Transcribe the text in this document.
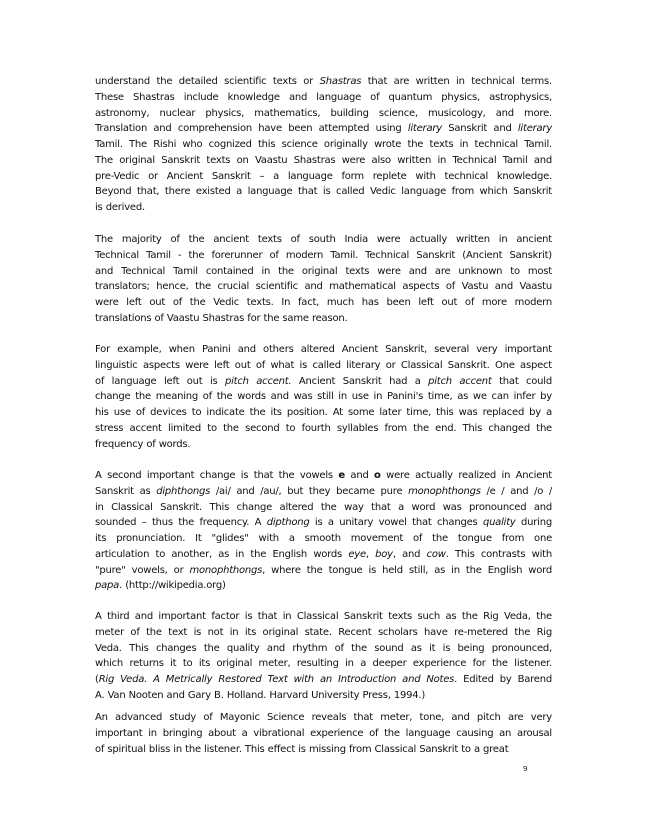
understand the detailed scientific texts or Shastras that are written in technical terms.
These Shastras include knowledge and language of quantum physics, astrophysics,
astronomy, nuclear physics, mathematics, building science, musicology, and more.
Translation and comprehension have been attempted using literary Sanskrit and literary
Tamil. The Rishi who cognized this science originally wrote the texts in technical Tamil.
The original Sanskrit texts on Vaastu Shastras were also written in Technical Tamil and
pre-Vedic or Ancient Sanskrit – a language form replete with technical knowledge.
Beyond that, there existed a language that is called Vedic language from which Sanskrit
is derived.
The majority of the ancient texts of south India were actually written in ancient
Technical Tamil - the forerunner of modern Tamil. Technical Sanskrit (Ancient Sanskrit)
and Technical Tamil contained in the original texts were and are unknown to most
translators; hence, the crucial scientific and mathematical aspects of Vastu and Vaastu
were left out of the Vedic texts. In fact, much has been left out of more modern
translations of Vaastu Shastras for the same reason.
For example, when Panini and others altered Ancient Sanskrit, several very important
linguistic aspects were left out of what is called literary or Classical Sanskrit. One aspect
of language left out is pitch accent. Ancient Sanskrit had a pitch accent that could
change the meaning of the words and was still in use in Panini's time, as we can infer by
his use of devices to indicate the its position. At some later time, this was replaced by a
stress accent limited to the second to fourth syllables from the end. This changed the
frequency of words.
A second important change is that the vowels e and o were actually realized in Ancient
Sanskrit as diphthongs /ai/ and /au/, but they became pure monophthongs /e / and /o /
in Classical Sanskrit. This change altered the way that a word was pronounced and
sounded – thus the frequency. A dipthong is a unitary vowel that changes quality during
its pronunciation. It "glides" with a smooth movement of the tongue from one
articulation to another, as in the English words eye, boy, and cow. This contrasts with
"pure" vowels, or monophthongs, where the tongue is held still, as in the English word
papa. (http://wikipedia.org)
A third and important factor is that in Classical Sanskrit texts such as the Rig Veda, the
meter of the text is not in its original state. Recent scholars have re-metered the Rig
Veda. This changes the quality and rhythm of the sound as it is being pronounced,
which returns it to its original meter, resulting in a deeper experience for the listener.
(Rig Veda. A Metrically Restored Text with an Introduction and Notes. Edited by Barend
A. Van Nooten and Gary B. Holland. Harvard University Press, 1994.)
An advanced study of Mayonic Science reveals that meter, tone, and pitch are very
important in bringing about a vibrational experience of the language causing an arousal
of spiritual bliss in the listener. This effect is missing from Classical Sanskrit to a great
9
